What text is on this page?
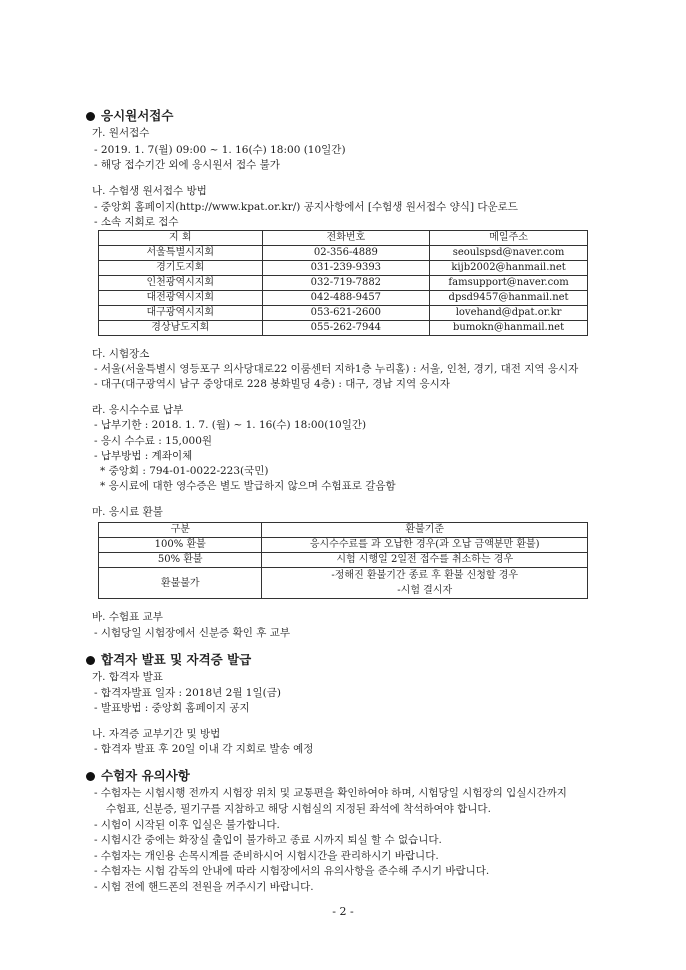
응시원서접수
가. 원서접수
- 2019. 1. 7(월) 09:00 ~ 1. 16(수) 18:00 (10일간)
- 해당 접수기간 외에 응시원서 접수 불가
나. 수험생 원서접수 방법
- 중앙회 홈페이지(http://www.kpat.or.kr/) 공지사항에서 [수험생 원서접수 양식] 다운로드
- 소속 지회로 접수
지 회	전화번호	메일주소
서울특별시지회	02-356-4889	seoulspsd@naver.com
경기도지회	031-239-9393	kijb2002@hanmail.net
인천광역시지회	032-719-7882	famsupport@naver.com
대전광역시지회	042-488-9457	dpsd9457@hanmail.net
대구광역시지회	053-621-2600	lovehand@dpat.or.kr
경상남도지회	055-262-7944	bumokn@hanmail.net
다. 시험장소
- 서울(서울특별시 영등포구 의사당대로22 이룸센터 지하1층 누리홀) : 서울, 인천, 경기, 대전 지역 응시자
- 대구(대구광역시 남구 중앙대로 228 봉화빌딩 4층) : 대구, 경남 지역 응시자
라. 응시수수료 납부
- 납부기한 : 2018. 1. 7. (월) ~ 1. 16(수) 18:00(10일간)
- 응시 수수료 : 15,000원
- 납부방법 : 계좌이체
* 중앙회 : 794-01-0022-223(국민)
* 응시료에 대한 영수증은 별도 발급하지 않으며 수험표로 갈음함
마. 응시료 환불
구분	환불기준
100% 환불	응시수수료를 과 오납한 경우(과 오납 금액분만 환불)
50% 환불	시험 시행일 2일전 접수를 취소하는 경우
환불불가	-정해진 환불기간 종료 후 환불 신청할 경우
-시험 결시자
바. 수험표 교부
- 시험당일 시험장에서 신분증 확인 후 교부
합격자 발표 및 자격증 발급
가. 합격자 발표
- 합격자발표 일자 : 2018년 2월 1일(금)
- 발표방법 : 중앙회 홈페이지 공지
나. 자격증 교부기간 및 방법
- 합격자 발표 후 20일 이내 각 지회로 발송 예정
수험자 유의사항
- 수험자는 시험시행 전까지 시험장 위치 및 교통편을 확인하여야 하며, 시험당일 시험장의 입실시간까지
수험표, 신분증, 필기구를 지참하고 해당 시험실의 지정된 좌석에 착석하여야 합니다.
- 시험이 시작된 이후 입실은 불가합니다.
- 시험시간 중에는 화장실 출입이 불가하고 종료 시까지 퇴실 할 수 없습니다.
- 수험자는 개인용 손목시계를 준비하시어 시험시간을 관리하시기 바랍니다.
- 수험자는 시험 감독의 안내에 따라 시험장에서의 유의사항을 준수해 주시기 바랍니다.
- 시험 전에 핸드폰의 전원을 꺼주시기 바랍니다.
- 2 -
